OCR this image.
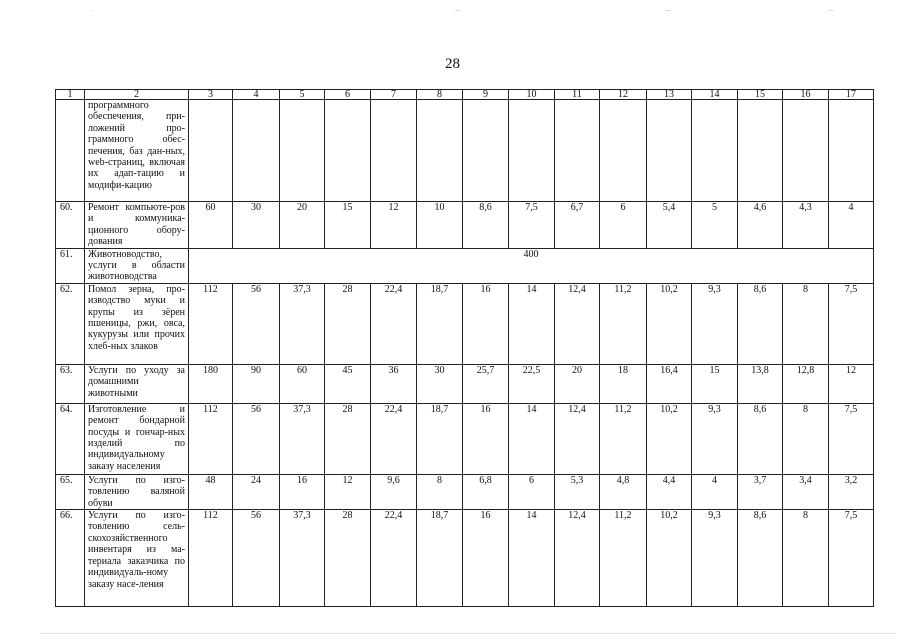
28
1	2	3	4	5	6	7	8	9	10	11	12	13	14	15	16	17
	программного обеспечения, при-ложений про-граммного обес-печения, баз дан-ных, web-страниц, включая их адап-тацию и модифи-кацию															
60.	Ремонт компьюте-ров и коммуника-ционного обору-дования	60	30	20	15	12	10	8,6	7,5	6,7	6	5,4	5	4,6	4,3	4
61.	Животноводство, услуги в области животноводства	400														
62.	Помол зерна, про-изводство муки и крупы из зёрен пшеницы, ржи, овса, кукурузы или прочих хлеб-ных злаков	112	56	37,3	28	22,4	18,7	16	14	12,4	11,2	10,2	9,3	8,6	8	7,5
63.	Услуги по уходу за домашними животными	180	90	60	45	36	30	25,7	22,5	20	18	16,4	15	13,8	12,8	12
64.	Изготовление и ремонт бондарной посуды и гончар-ных изделий по индивидуальному заказу населения	112	56	37,3	28	22,4	18,7	16	14	12,4	11,2	10,2	9,3	8,6	8	7,5
65.	Услуги по изго-товлению валяной обуви	48	24	16	12	9,6	8	6,8	6	5,3	4,8	4,4	4	3,7	3,4	3,2
66.	Услуги по изго-товлению сель-скохозяйственного инвентаря из ма-териала заказчика по индивидуаль-ному заказу насе-ления	112	56	37,3	28	22,4	18,7	16	14	12,4	11,2	10,2	9,3	8,6	8	7,5
